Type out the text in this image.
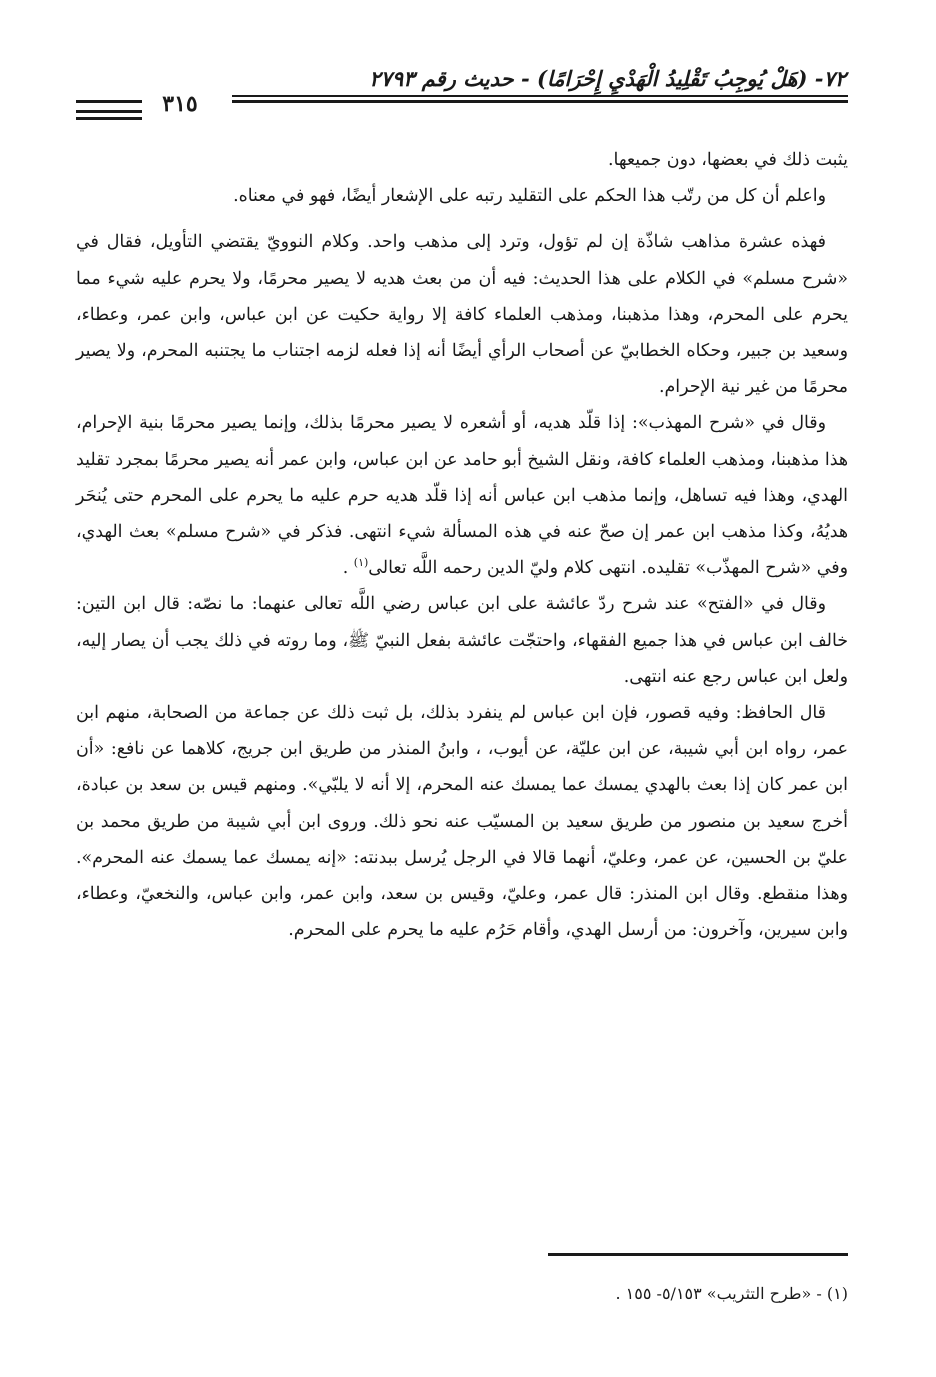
٧٢- (هَلْ يُوجِبُ تَقْلِيدُ الْهَدْيِ إِحْرَامًا) - حديث رقم ٢٧٩٣
٣١٥

يثبت ذلك في بعضها، دون جميعها.

واعلم أن كل من رتّب هذا الحكم على التقليد رتبه على الإشعار أيضًا، فهو في معناه.

فهذه عشرة مذاهب شاذّة إن لم تؤول، وترد إلى مذهب واحد. وكلام النوويّ يقتضي التأويل، فقال في «شرح مسلم» في الكلام على هذا الحديث: فيه أن من بعث هديه لا يصير محرمًا، ولا يحرم عليه شيء مما يحرم على المحرم، وهذا مذهبنا، ومذهب العلماء كافة إلا رواية حكيت عن ابن عباس، وابن عمر، وعطاء، وسعيد بن جبير، وحكاه الخطابيّ عن أصحاب الرأي أيضًا أنه إذا فعله لزمه اجتناب ما يجتنبه المحرم، ولا يصير محرمًا من غير نية الإحرام.

وقال في «شرح المهذب»: إذا قلّد هديه، أو أشعره لا يصير محرمًا بذلك، وإنما يصير محرمًا بنية الإحرام، هذا مذهبنا، ومذهب العلماء كافة، ونقل الشيخ أبو حامد عن ابن عباس، وابن عمر أنه يصير محرمًا بمجرد تقليد الهدي، وهذا فيه تساهل، وإنما مذهب ابن عباس أنه إذا قلّد هديه حرم عليه ما يحرم على المحرم حتى يُنحَر هديُهُ، وكذا مذهب ابن عمر إن صحّ عنه في هذه المسألة شيء انتهى. فذكر في «شرح مسلم» بعث الهدي، وفي «شرح المهذّب» تقليده. انتهى كلام وليّ الدين رحمه اللَّه تعالى$^{(١)}$ .

وقال في «الفتح» عند شرح ردّ عائشة على ابن عباس رضي اللَّه تعالى عنهما: ما نصّه: قال ابن التين: خالف ابن عباس في هذا جميع الفقهاء، واحتجّت عائشة بفعل النبيّ ﷺ، وما روته في ذلك يجب أن يصار إليه، ولعل ابن عباس رجع عنه انتهى.

قال الحافظ: وفيه قصور، فإن ابن عباس لم ينفرد بذلك، بل ثبت ذلك عن جماعة من الصحابة، منهم ابن عمر، رواه ابن أبي شيبة، عن ابن عليّة، عن أيوب، ، وابنُ المنذر من طريق ابن جريج، كلاهما عن نافع: «أن ابن عمر كان إذا بعث بالهدي يمسك عما يمسك عنه المحرم، إلا أنه لا يلبّي». ومنهم قيس بن سعد بن عبادة، أخرج سعيد بن منصور من طريق سعيد بن المسيّب عنه نحو ذلك. وروى ابن أبي شيبة من طريق محمد بن عليّ بن الحسين، عن عمر، وعليّ، أنهما قالا في الرجل يُرسل ببدنته: «إنه يمسك عما يسمك عنه المحرم». وهذا منقطع. وقال ابن المنذر: قال عمر، وعليّ، وقيس بن سعد، وابن عمر، وابن عباس، والنخعيّ، وعطاء، وابن سيرين، وآخرون: من أرسل الهدي، وأقام حَرُم عليه ما يحرم على المحرم.

(١) - «طرح التثريب» ٥/١٥٣- ١٥٥ .
